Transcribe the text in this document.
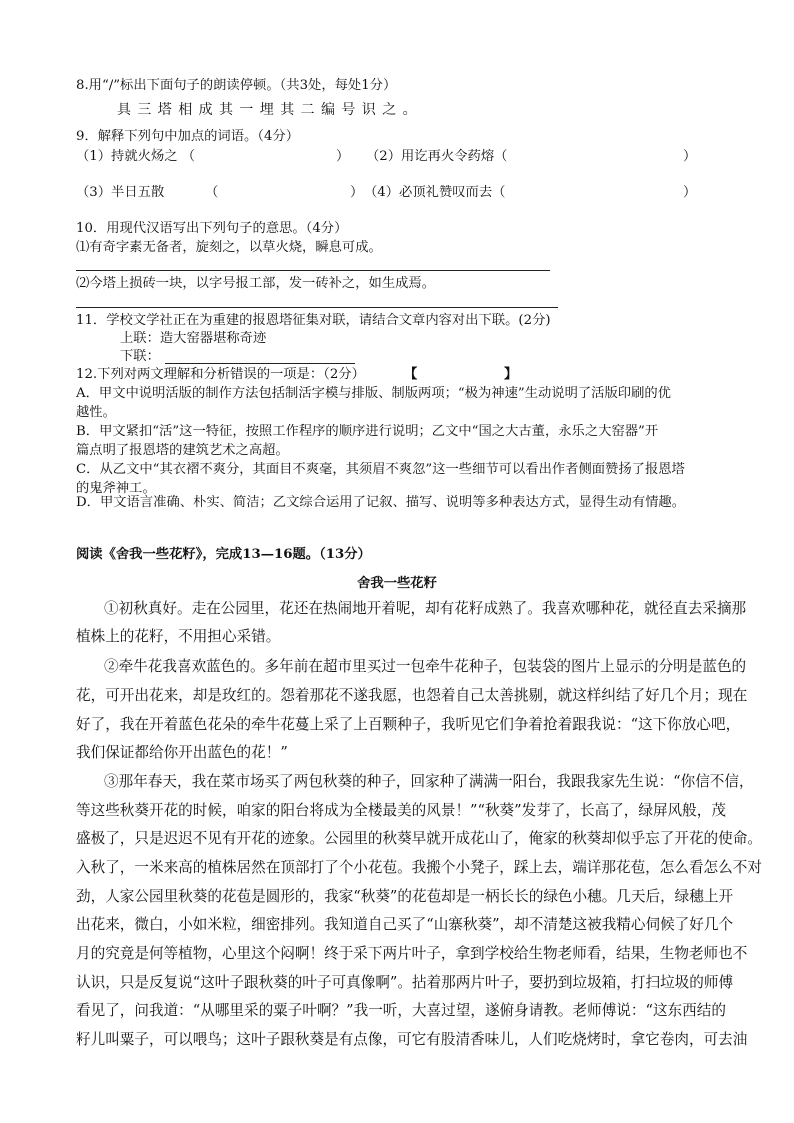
8.用“/”标出下面句子的朗读停顿。（共3处，每处1分）
具三塔相成其一埋其二编号识之。
9．解释下列句中加点的词语。（4分）
（1）持就火炀之 （	） （2）用讫再火令药熔（	）
（3）半日五散	（	） （4）必顶礼赞叹而去（	）
10．用现代汉语写出下列句子的意思。（4分）
⑴有奇字素无备者，旋刻之，以草火烧，瞬息可成。
⑵今塔上损砖一块，以字号报工部，发一砖补之，如生成焉。
11．学校文学社正在为重建的报恩塔征集对联，请结合文章内容对出下联。(2分)
上联：造大窑器堪称奇迹
下联：
12.下列对两文理解和分析错误的一项是：（2分）	【	】
A．甲文中说明活版的制作方法包括制活字模与排版、制版两项；“极为神速”生动说明了活版印刷的优
越性。
B．甲文紧扣“活”这一特征，按照工作程序的顺序进行说明；乙文中“国之大古董，永乐之大窑器”开
篇点明了报恩塔的建筑艺术之高超。
C．从乙文中“其衣褶不爽分，其面目不爽毫，其须眉不爽忽”这一些细节可以看出作者侧面赞扬了报恩塔
的鬼斧神工。
D．甲文语言准确、朴实、简洁；乙文综合运用了记叙、描写、说明等多种表达方式，显得生动有情趣。
阅读《舍我一些花籽》，完成13—16题。（13分）
舍我一些花籽
①初秋真好。走在公园里，花还在热闹地开着呢，却有花籽成熟了。我喜欢哪种花，就径直去采摘那
植株上的花籽，不用担心采错。
②牵牛花我喜欢蓝色的。多年前在超市里买过一包牵牛花种子，包装袋的图片上显示的分明是蓝色的
花，可开出花来，却是玫红的。怨着那花不遂我愿，也怨着自己太善挑剔，就这样纠结了好几个月；现在
好了，我在开着蓝色花朵的牵牛花蔓上采了上百颗种子，我听见它们争着抢着跟我说：“这下你放心吧，
我们保证都给你开出蓝色的花！”
③那年春天，我在菜市场买了两包秋葵的种子，回家种了满满一阳台，我跟我家先生说：“你信不信，
等这些秋葵开花的时候，咱家的阳台将成为全楼最美的风景！”“秋葵”发芽了，长高了，绿屏风般，茂
盛极了，只是迟迟不见有开花的迹象。公园里的秋葵早就开成花山了，俺家的秋葵却似乎忘了开花的使命。
入秋了，一米来高的植株居然在顶部打了个小花苞。我搬个小凳子，踩上去，端详那花苞，怎么看怎么不对
劲，人家公园里秋葵的花苞是圆形的，我家“秋葵”的花苞却是一柄长长的绿色小穗。几天后，绿穗上开
出花来，微白，小如米粒，细密排列。我知道自己买了“山寨秋葵”，却不清楚这被我精心伺候了好几个
月的究竟是何等植物，心里这个闷啊！终于采下两片叶子，拿到学校给生物老师看，结果，生物老师也不
认识，只是反复说“这叶子跟秋葵的叶子可真像啊”。拈着那两片叶子，要扔到垃圾箱，打扫垃圾的师傅
看见了，问我道：“从哪里采的粟子叶啊？”我一听，大喜过望，遂俯身请教。老师傅说：“这东西结的
籽儿叫粟子，可以喂鸟；这叶子跟秋葵是有点像，可它有股清香味儿，人们吃烧烤时，拿它卷肉，可去油
